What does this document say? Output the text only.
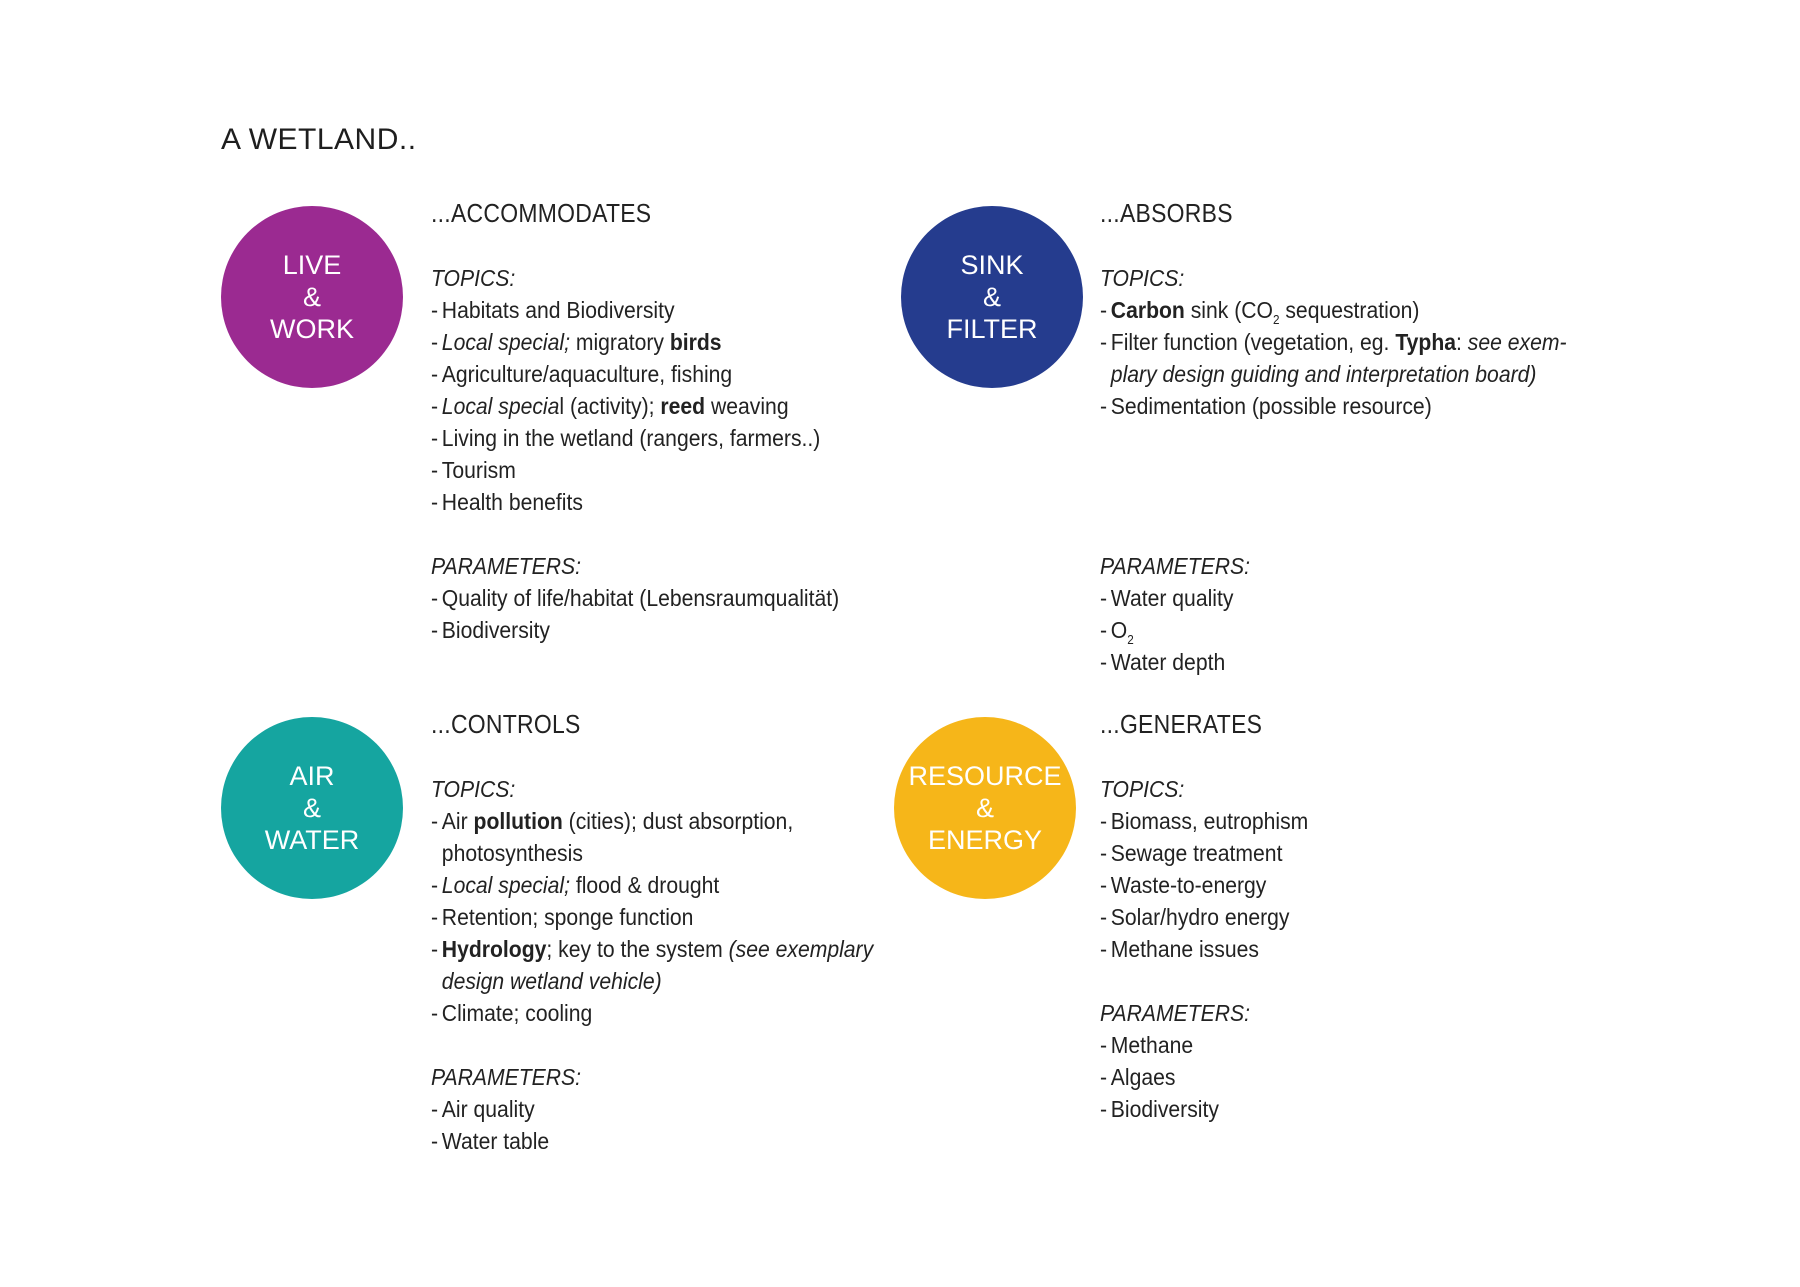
A WETLAND..
LIVE
&
WORK
SINK
&
FILTER
AIR
&
WATER
RESOURCE
&
ENERGY
...ACCOMMODATES
TOPICS:
- Habitats and Biodiversity
- Local special; migratory birds
- Agriculture/aquaculture, fishing
- Local special (activity); reed weaving
- Living in the wetland (rangers, farmers..)
- Tourism
- Health benefits
PARAMETERS:
- Quality of life/habitat (Lebensraumqualität)
- Biodiversity
...ABSORBS
TOPICS:
- Carbon sink ($CO_2$ sequestration)
- Filter function (vegetation, eg. Typha: see exem-
plary design guiding and interpretation board)
- Sedimentation (possible resource)
PARAMETERS:
- Water quality
- $O_2$
- Water depth
...CONTROLS
TOPICS:
- Air pollution (cities); dust absorption,
photosynthesis
- Local special; flood & drought
- Retention; sponge function
- Hydrology; key to the system (see exemplary
design wetland vehicle)
- Climate; cooling
PARAMETERS:
- Air quality
- Water table
...GENERATES
TOPICS:
- Biomass, eutrophism
- Sewage treatment
- Waste-to-energy
- Solar/hydro energy
- Methane issues
PARAMETERS:
- Methane
- Algaes
- Biodiversity
